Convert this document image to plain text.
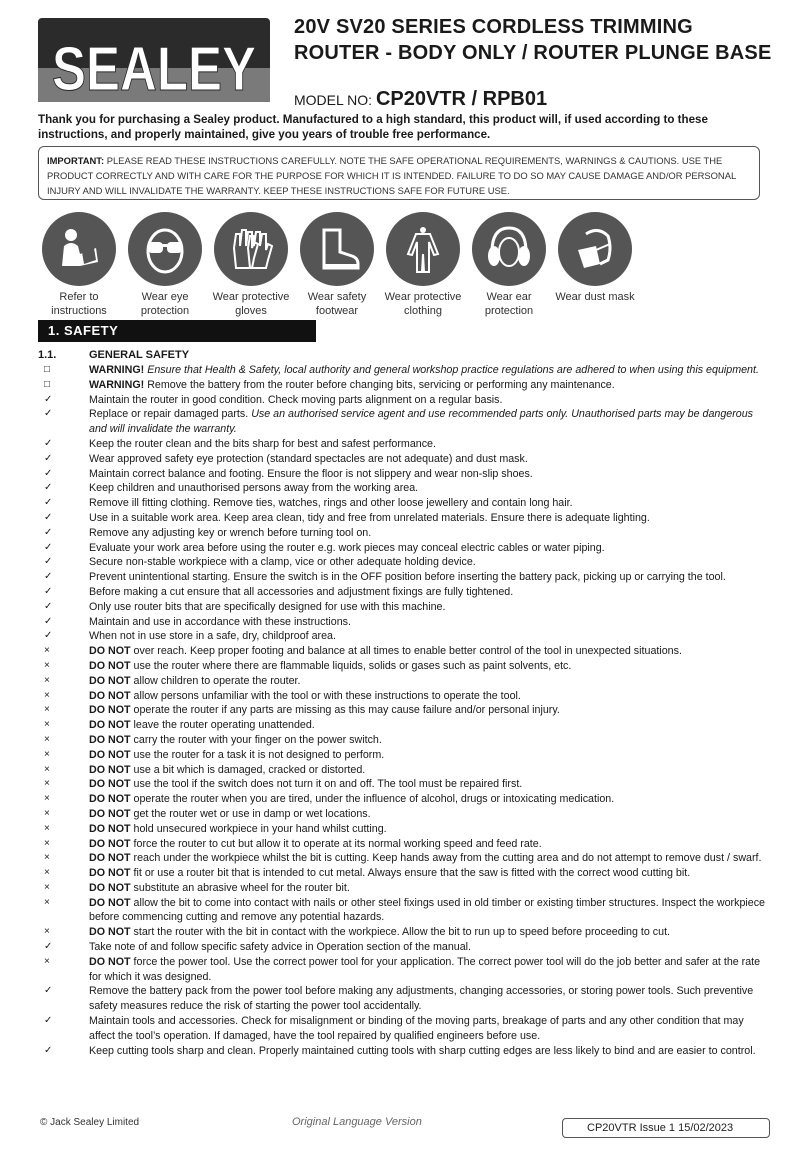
SEALEY
20V SV20 SERIES CORDLESS TRIMMING ROUTER - BODY ONLY / ROUTER PLUNGE BASE
MODEL NO: CP20VTR / RPB01
Thank you for purchasing a Sealey product. Manufactured to a high standard, this product will, if used according to these instructions, and properly maintained, give you years of trouble free performance.
IMPORTANT: PLEASE READ THESE INSTRUCTIONS CAREFULLY. NOTE THE SAFE OPERATIONAL REQUIREMENTS, WARNINGS & CAUTIONS. USE THE PRODUCT CORRECTLY AND WITH CARE FOR THE PURPOSE FOR WHICH IT IS INTENDED. FAILURE TO DO SO MAY CAUSE DAMAGE AND/OR PERSONAL INJURY AND WILL INVALIDATE THE WARRANTY. KEEP THESE INSTRUCTIONS SAFE FOR FUTURE USE.
Refer to instructions
Wear eye protection
Wear protective gloves
Wear safety footwear
Wear protective clothing
Wear ear protection
Wear dust mask
1. SAFETY
1.1.	GENERAL SAFETY
□	WARNING! Ensure that Health & Safety, local authority and general workshop practice regulations are adhered to when using this equipment.
□	WARNING! Remove the battery from the router before changing bits, servicing or performing any maintenance.
✓	Maintain the router in good condition. Check moving parts alignment on a regular basis.
✓	Replace or repair damaged parts. Use an authorised service agent and use recommended parts only. Unauthorised parts may be dangerous and will invalidate the warranty.
✓	Keep the router clean and the bits sharp for best and safest performance.
✓	Wear approved safety eye protection (standard spectacles are not adequate) and dust mask.
✓	Maintain correct balance and footing. Ensure the floor is not slippery and wear non-slip shoes.
✓	Keep children and unauthorised persons away from the working area.
✓	Remove ill fitting clothing. Remove ties, watches, rings and other loose jewellery and contain long hair.
✓	Use in a suitable work area. Keep area clean, tidy and free from unrelated materials. Ensure there is adequate lighting.
✓	Remove any adjusting key or wrench before turning tool on.
✓	Evaluate your work area before using the router e.g. work pieces may conceal electric cables or water piping.
✓	Secure non-stable workpiece with a clamp, vice or other adequate holding device.
✓	Prevent unintentional starting. Ensure the switch is in the OFF position before inserting the battery pack, picking up or carrying the tool.
✓	Before making a cut ensure that all accessories and adjustment fixings are fully tightened.
✓	Only use router bits that are specifically designed for use with this machine.
✓	Maintain and use in accordance with these instructions.
✓	When not in use store in a safe, dry, childproof area.
×	DO NOT over reach. Keep proper footing and balance at all times to enable better control of the tool in unexpected situations.
×	DO NOT use the router where there are flammable liquids, solids or gases such as paint solvents, etc.
×	DO NOT allow children to operate the router.
×	DO NOT allow persons unfamiliar with the tool or with these instructions to operate the tool.
×	DO NOT operate the router if any parts are missing as this may cause failure and/or personal injury.
×	DO NOT leave the router operating unattended.
×	DO NOT carry the router with your finger on the power switch.
×	DO NOT use the router for a task it is not designed to perform.
×	DO NOT use a bit which is damaged, cracked or distorted.
×	DO NOT use the tool if the switch does not turn it on and off. The tool must be repaired first.
×	DO NOT operate the router when you are tired, under the influence of alcohol, drugs or intoxicating medication.
×	DO NOT get the router wet or use in damp or wet locations.
×	DO NOT hold unsecured workpiece in your hand whilst cutting.
×	DO NOT force the router to cut but allow it to operate at its normal working speed and feed rate.
×	DO NOT reach under the workpiece whilst the bit is cutting. Keep hands away from the cutting area and do not attempt to remove dust / swarf.
×	DO NOT fit or use a router bit that is intended to cut metal. Always ensure that the saw is fitted with the correct wood cutting bit.
×	DO NOT substitute an abrasive wheel for the router bit.
×	DO NOT allow the bit to come into contact with nails or other steel fixings used in old timber or existing timber structures. Inspect the workpiece before commencing cutting and remove any potential hazards.
×	DO NOT start the router with the bit in contact with the workpiece. Allow the bit to run up to speed before proceeding to cut.
✓	Take note of and follow specific safety advice in Operation section of the manual.
×	DO NOT force the power tool. Use the correct power tool for your application. The correct power tool will do the job better and safer at the rate for which it was designed.
✓	Remove the battery pack from the power tool before making any adjustments, changing accessories, or storing power tools. Such preventive safety measures reduce the risk of starting the power tool accidentally.
✓	Maintain tools and accessories. Check for misalignment or binding of the moving parts, breakage of parts and any other condition that may affect the tool’s operation. If damaged, have the tool repaired by qualified engineers before use.
✓	Keep cutting tools sharp and clean. Properly maintained cutting tools with sharp cutting edges are less likely to bind and are easier to control.
© Jack Sealey Limited	Original Language Version	CP20VTR Issue 1 15/02/2023
